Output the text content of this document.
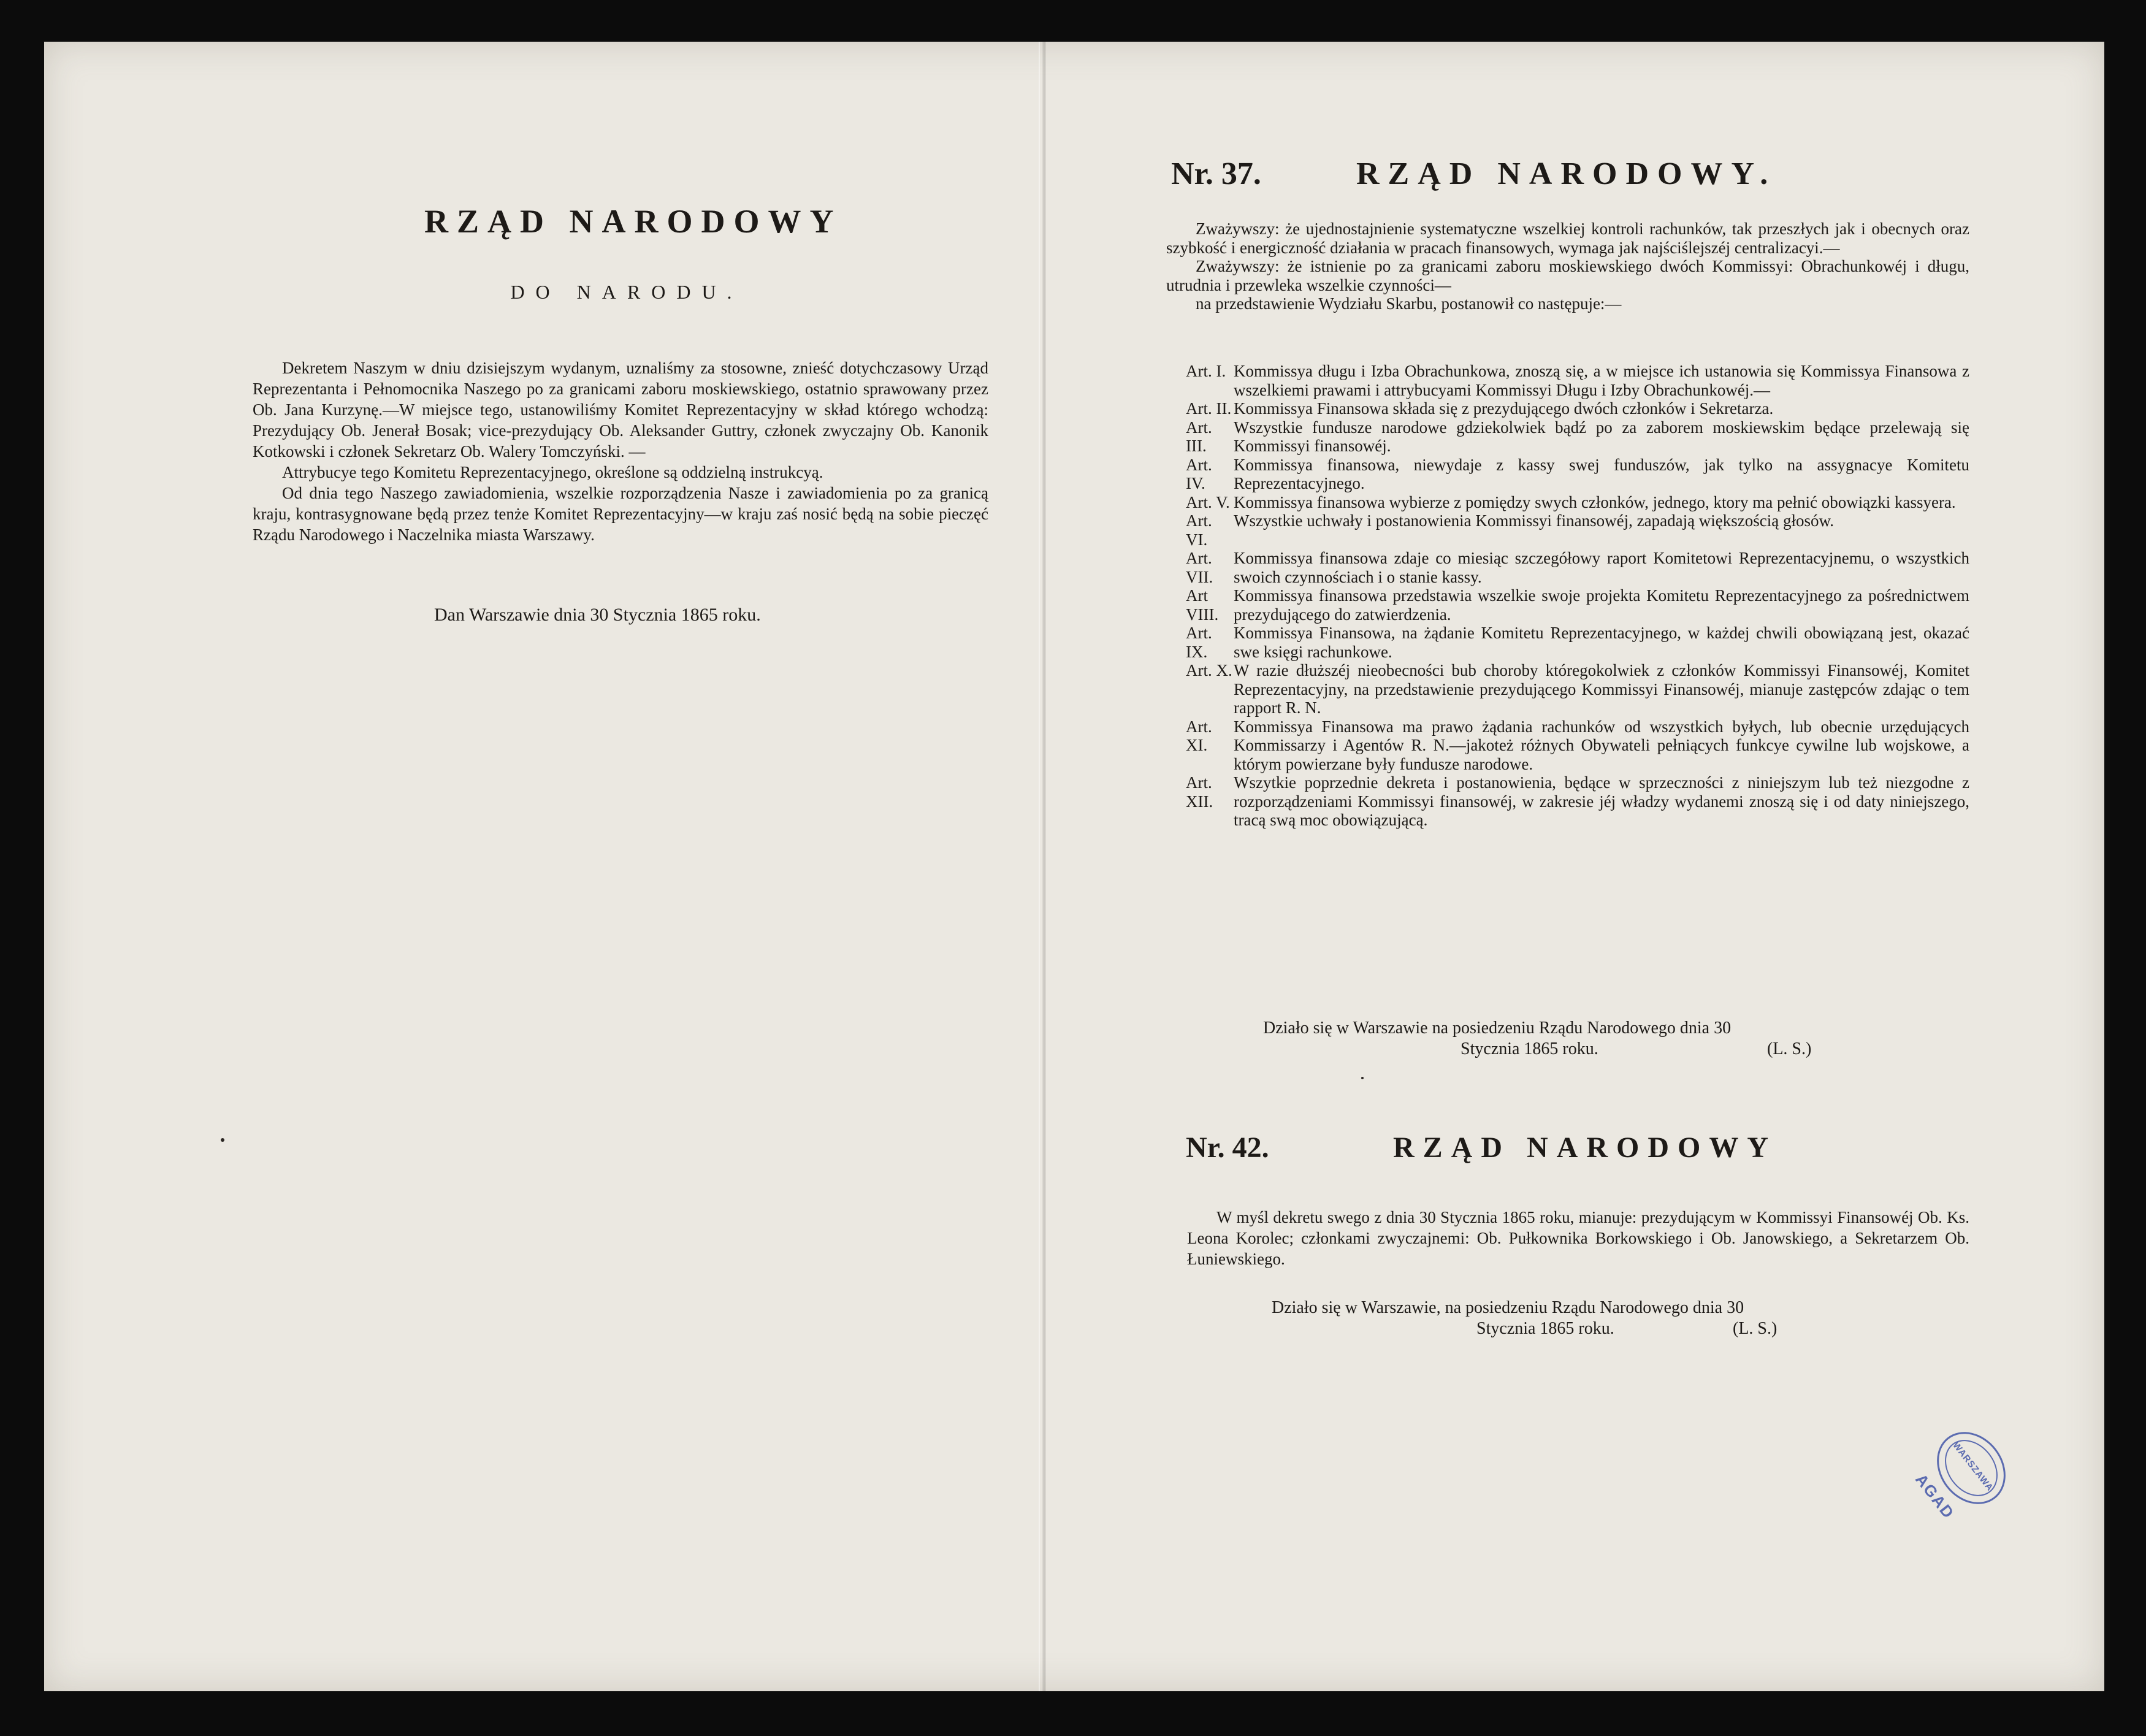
RZĄD NARODOWY
DO NARODU.

Dekretem Naszym w dniu dzisiejszym wydanym, uznaliśmy za stosowne, znieść dotychczasowy Urząd Reprezentanta i Pełnomocnika Naszego po za granicami zaboru moskiewskiego, ostatnio sprawowany przez Ob. Jana Kurzynę.—W miejsce tego, ustanowiliśmy Komitet Reprezentacyjny w skład którego wchodzą: Prezydujący Ob. Jenerał Bosak; vice-prezydujący Ob. Aleksander Guttry, członek zwyczajny Ob. Kanonik Kotkowski i członek Sekretarz Ob. Walery Tomczyński. —

Attrybucye tego Komitetu Reprezentacyjnego, określone są oddzielną instrukcyą.

Od dnia tego Naszego zawiadomienia, wszelkie rozporządzenia Nasze i zawiadomienia po za granicą kraju, kontrasygnowane będą przez tenże Komitet Reprezentacyjny—w kraju zaś nosić będą na sobie pieczęć Rządu Narodowego i Naczelnika miasta Warszawy.

Dan Warszawie dnia 30 Stycznia 1865 roku.
Nr. 37.	RZĄD NARODOWY.

Zważywszy: że ujednostajnienie systematyczne wszelkiej kontroli rachunków, tak przeszłych jak i obecnych oraz szybkość i energiczność działania w pracach finansowych, wymaga jak najściślejszéj centralizacyi.—

Zważywszy: że istnienie po za granicami zaboru moskiewskiego dwóch Kommissyi: Obrachunkowéj i długu, utrudnia i przewleka wszelkie czynności—

na przedstawienie Wydziału Skarbu, postanowił co następuje:—

Art. I. Kommissya długu i Izba Obrachunkowa, znoszą się, a w miejsce ich ustanowia się Kommissya Finansowa z wszelkiemi prawami i attrybucyami Kommissyi Długu i Izby Obrachunkowéj.—
Art. II. Kommissya Finansowa składa się z prezydującego dwóch członków i Sekretarza.
Art. III.
Wszystkie fundusze narodowe gdziekolwiek bądź po za zaborem moskiewskim będące przelewają się Kommissyi finansowéj.
Art. IV.
Kommissya finansowa, niewydaje z kassy swej funduszów, jak tylko na assygnacye Komitetu Reprezentacyjnego.
Art. V. Kommissya finansowa wybierze z pomiędzy swych członków, jednego, ktory ma pełnić obowiązki kassyera.
Art. VI.
Wszystkie uchwały i postanowienia Kommissyi finansowéj, zapadają większością głosów.
Art. VII.
Kommissya finansowa zdaje co miesiąc szczegółowy raport Komitetowi Reprezentacyjnemu, o wszystkich swoich czynnościach i o stanie kassy.
Art VIII.
Kommissya finansowa przedstawia wszelkie swoje projekta Komitetu Reprezentacyjnego za pośrednictwem prezydującego do zatwierdzenia.
Art. IX.
Kommissya Finansowa, na żądanie Komitetu Reprezentacyjnego, w każdej chwili obowiązaną jest, okazać swe księgi rachunkowe.
Art. X. W razie dłuższéj nieobecności bub choroby któregokolwiek z członków Kommissyi Finansowéj, Komitet Reprezentacyjny, na przedstawienie prezydującego Kommissyi Finansowéj, mianuje zastępców zdając o tem rapport R. N.
Art. XI.
Kommissya Finansowa ma prawo żądania rachunków od wszystkich byłych, lub obecnie urzędujących Kommissarzy i Agentów R. N.—jakoteż różnych Obywateli pełniących funkcye cywilne lub wojskowe, a którym powierzane były fundusze narodowe.
Art. XII.
Wszytkie poprzednie dekreta i postanowienia, będące w sprzeczności z niniejszym lub też niezgodne z rozporządzeniami Kommissyi finansowéj, w zakresie jéj władzy wydanemi znoszą się i od daty niniejszego, tracą swą moc obowiązującą.
Działo się w Warszawie na posiedzeniu Rządu Narodowego dnia 30
Stycznia 1865 roku.	(L. S.)
Nr. 42.	RZĄD NARODOWY

W myśl dekretu swego z dnia 30 Stycznia 1865 roku, mianuje: prezydującym w Kommissyi Finansowéj Ob. Ks. Leona Korolec; członkami zwyczajnemi: Ob. Pułkownika Borkowskiego i Ob. Janowskiego, a Sekretarzem Ob. Łuniewskiego.

Działo się w Warszawie, na posiedzeniu Rządu Narodowego dnia 30
Stycznia 1865 roku.	(L. S.)
WARSZAWA
AGAD
